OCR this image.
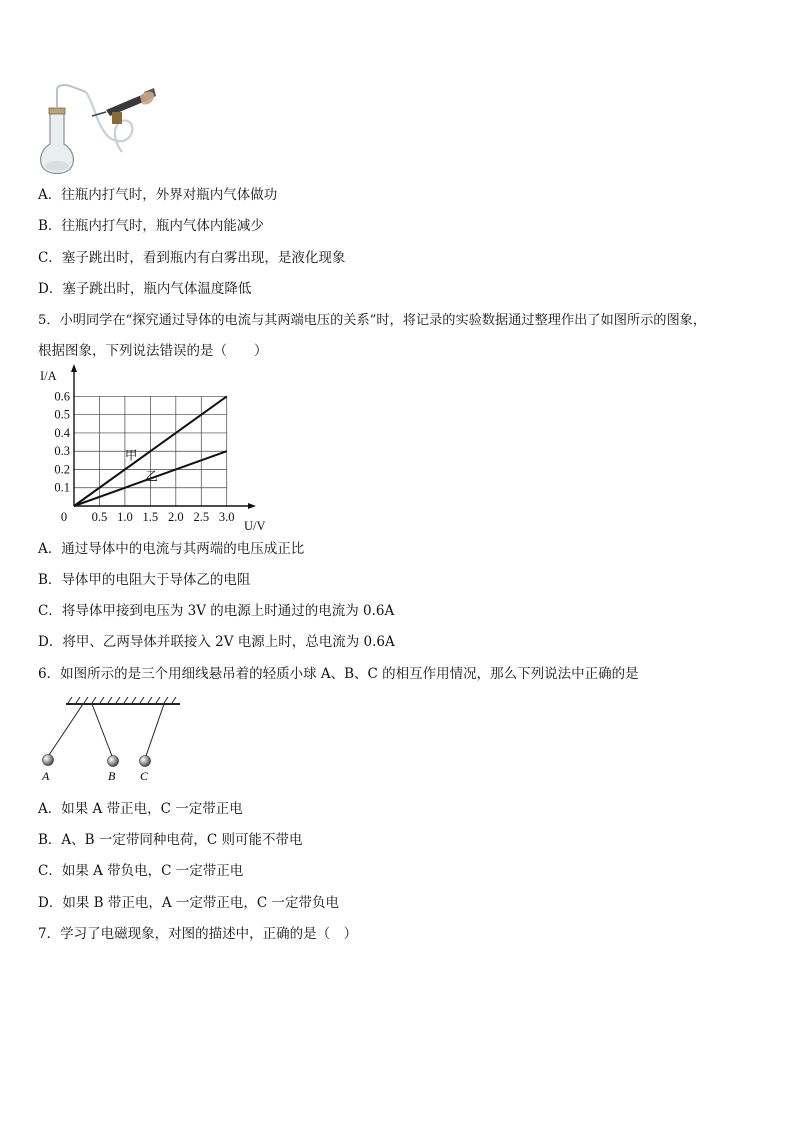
A．往瓶内打气时，外界对瓶内气体做功
B．往瓶内打气时，瓶内气体内能减少
C．塞子跳出时，看到瓶内有白雾出现，是液化现象
D．塞子跳出时，瓶内气体温度降低
5．小明同学在“探究通过导体的电流与其两端电压的关系”时，将记录的实验数据通过整理作出了如图所示的图象，
根据图象，下列说法错误的是（　　）
0.5 1.0 1.5 2.0 2.5 3.0
0.1
0.2
0.3
0.4
0.5
0.6
0
I/A
U/V
甲
乙
A．通过导体中的电流与其两端的电压成正比
B．导体甲的电阻大于导体乙的电阻
C．将导体甲接到电压为 3V 的电源上时通过的电流为 0.6A
D．将甲、乙两导体并联接入 2V 电源上时，总电流为 0.6A
6．如图所示的是三个用细线悬吊着的轻质小球 A、B、C 的相互作用情况，那么下列说法中正确的是
A	B C
A．如果 A 带正电，C 一定带正电
B．A、B 一定带同种电荷，C 则可能不带电
C．如果 A 带负电，C 一定带正电
D．如果 B 带正电，A 一定带正电，C 一定带负电
7．学习了电磁现象，对图的描述中，正确的是（　）
